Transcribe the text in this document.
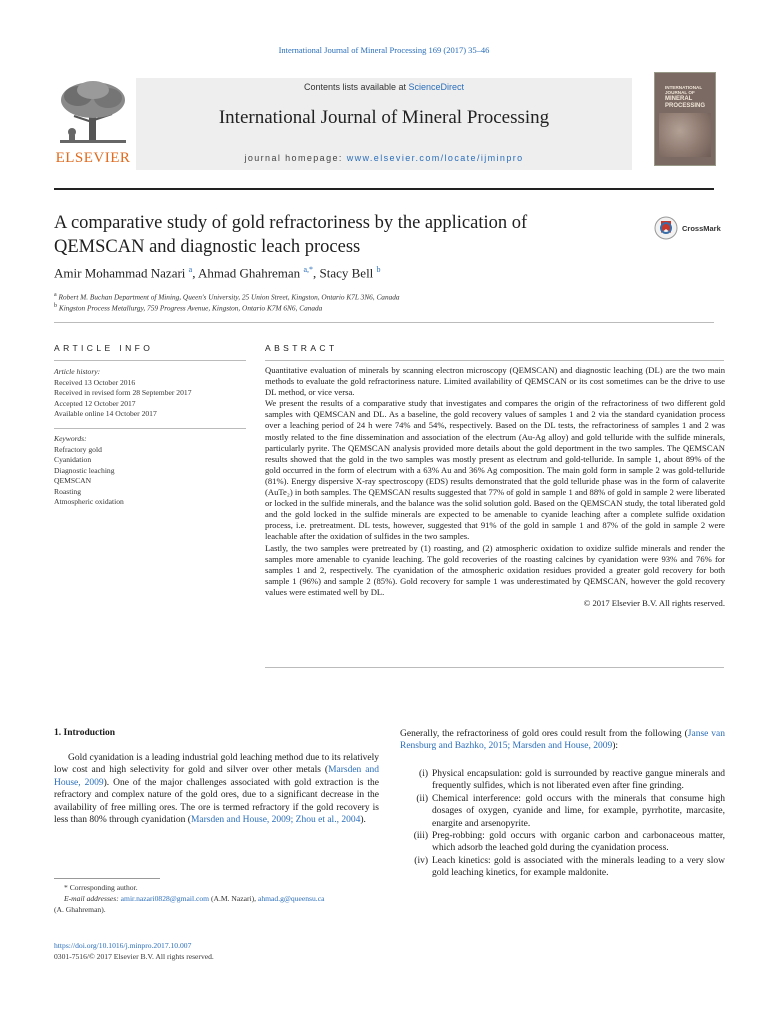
International Journal of Mineral Processing 169 (2017) 35–46
ELSEVIER
Contents lists available at ScienceDirect
International Journal of Mineral Processing
journal homepage: www.elsevier.com/locate/ijminpro
INTERNATIONAL JOURNAL OF
MINERAL
PROCESSING
A comparative study of gold refractoriness by the application of
QEMSCAN and diagnostic leach process
CrossMark
Amir Mohammad Nazari $^a$, Ahmad Ghahreman $^{a,*}$, Stacy Bell $^b$
$^a$ Robert M. Buchan Department of Mining, Queen's University, 25 Union Street, Kingston, Ontario K7L 3N6, Canada
$^b$ Kingston Process Metallurgy, 759 Progress Avenue, Kingston, Ontario K7M 6N6, Canada
ARTICLE INFO
Article history:
Received 13 October 2016
Received in revised form 28 September 2017
Accepted 12 October 2017
Available online 14 October 2017
Keywords:
Refractory gold
Cyanidation
Diagnostic leaching
QEMSCAN
Roasting
Atmospheric oxidation
ABSTRACT

Quantitative evaluation of minerals by scanning electron microscopy (QEMSCAN) and diagnostic leaching (DL) are the two main methods to evaluate the gold refractoriness nature. Limited availability of QEMSCAN or its cost sometimes can be the drive to use DL method, or vice versa.

We present the results of a comparative study that investigates and compares the origin of the refractoriness of two different gold samples with QEMSCAN and DL. As a baseline, the gold recovery values of samples 1 and 2 via the standard cyanidation process over a leaching period of 24 h were 74% and 54%, respectively. Based on the DL tests, the refractoriness of samples 1 and 2 was mostly related to the fine dissemination and association of the electrum (Au-Ag alloy) and gold telluride with the sulfide minerals, particularly pyrite. The QEMSCAN analysis provided more details about the gold deportment in the two samples. The QEMSCAN results showed that the gold in the two samples was mostly present as electrum and gold-telluride. In sample 1, about 89% of the gold occurred in the form of electrum with a 63% Au and 36% Ag composition. The main gold form in sample 2 was gold-telluride (81%). Energy dispersive X-ray spectroscopy (EDS) results demonstrated that the gold telluride phase was in the form of calaverite (AuTe₂) in both samples. The QEMSCAN results suggested that 77% of gold in sample 1 and 88% of gold in sample 2 were liberated or locked in the sulfide minerals, and the balance was the solid solution gold. Based on the QEMSCAN study, the total liberated gold and the gold locked in the sulfide minerals are expected to be amenable to cyanide leaching after a complete sulfide oxidation process, i.e. pretreatment. DL tests, however, suggested that 91% of the gold in sample 1 and 87% of the gold in sample 2 were leachable after the oxidation of sulfides in the two samples.

Lastly, the two samples were pretreated by (1) roasting, and (2) atmospheric oxidation to oxidize sulfide minerals and render the samples more amenable to cyanide leaching. The gold recoveries of the roasting calcines by cyanidation were 93% and 76% for samples 1 and 2, respectively. The cyanidation of the atmospheric oxidation residues provided a greater gold recovery for both sample 1 (96%) and sample 2 (85%). Gold recovery for sample 1 was underestimated by QEMSCAN, however the gold recovery values were estimated well by DL.

© 2017 Elsevier B.V. All rights reserved.

1. Introduction

Gold cyanidation is a leading industrial gold leaching method due to its relatively low cost and high selectivity for gold and silver over other metals (Marsden and House, 2009). One of the major challenges associated with gold extraction is the refractory and complex nature of the gold ores, due to a significant decrease in the availability of free milling ores. The ore is termed refractory if the gold recovery is less than 80% through cyanidation (Marsden and House, 2009; Zhou et al., 2004).

Generally, the refractoriness of gold ores could result from the following (Janse van Rensburg and Bazhko, 2015; Marsden and House, 2009):

(i) Physical encapsulation: gold is surrounded by reactive gangue minerals and frequently sulfides, which is not liberated even after fine grinding.
(ii) Chemical interference: gold occurs with the minerals that consume high dosages of oxygen, cyanide and lime, for example, pyrrhotite, marcasite, enargite and arsenopyrite.
(iii) Preg-robbing: gold occurs with organic carbon and carbonaceous matter, which adsorb the leached gold during the cyanidation process.
(iv) Leach kinetics: gold is associated with the minerals leading to a very slow gold leaching kinetics, for example maldonite.
* Corresponding author.
E-mail addresses: amir.nazari0828@gmail.com (A.M. Nazari), ahmad.g@queensu.ca
(A. Ghahreman).
https://doi.org/10.1016/j.minpro.2017.10.007
0301-7516/© 2017 Elsevier B.V. All rights reserved.
